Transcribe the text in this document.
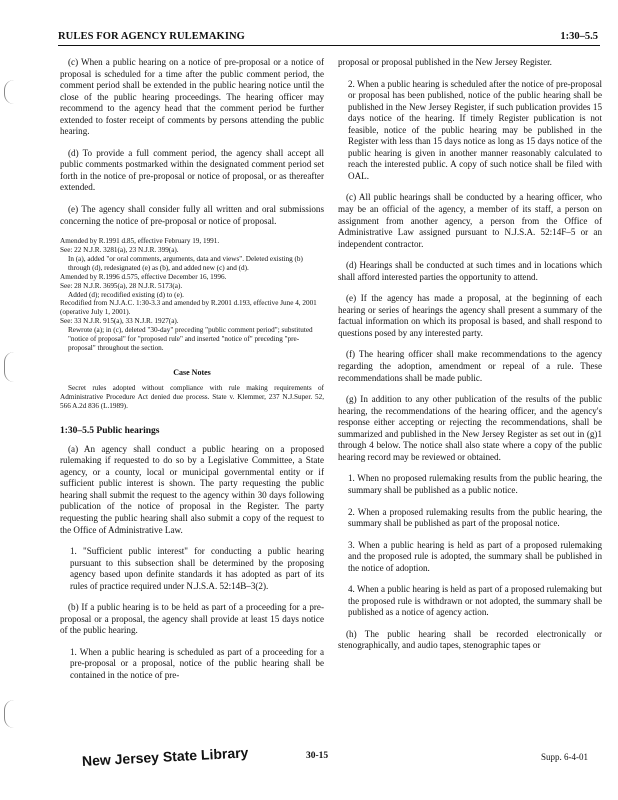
RULES FOR AGENCY RULEMAKING	1:30–5.5

(c) When a public hearing on a notice of pre-proposal or a notice of proposal is scheduled for a time after the public comment period, the comment period shall be extended in the public hearing notice until the close of the public hearing proceedings. The hearing officer may recommend to the agency head that the comment period be further extended to foster receipt of comments by persons attending the public hearing.

(d) To provide a full comment period, the agency shall accept all public comments postmarked within the designated comment period set forth in the notice of pre-proposal or notice of proposal, or as thereafter extended.

(e) The agency shall consider fully all written and oral submissions concerning the notice of pre-proposal or notice of proposal.

Amended by R.1991 d.85, effective February 19, 1991.
See: 22 N.J.R. 3281(a), 23 N.J.R. 399(a).
In (a), added "or oral comments, arguments, data and views". Deleted existing (b) through (d), redesignated (e) as (b), and added new (c) and (d).
Amended by R.1996 d.575, effective December 16, 1996.
See: 28 N.J.R. 3695(a), 28 N.J.R. 5173(a).
Added (d); recodified existing (d) to (e).
Recodified from N.J.A.C. 1:30-3.3 and amended by R.2001 d.193, effective June 4, 2001 (operative July 1, 2001).
See: 33 N.J.R. 915(a), 33 N.J.R. 1927(a).
Rewrote (a); in (c), deleted "30-day" preceding "public comment period"; substituted "notice of proposal" for "proposed rule" and inserted "notice of" preceding "pre-proposal" throughout the section.
Case Notes
Secret rules adopted without compliance with rule making requirements of Administrative Procedure Act denied due process. State v. Klemmer, 237 N.J.Super. 52, 566 A.2d 836 (L.1989).
1:30–5.5 Public hearings

(a) An agency shall conduct a public hearing on a proposed rulemaking if requested to do so by a Legislative Committee, a State agency, or a county, local or municipal governmental entity or if sufficient public interest is shown. The party requesting the public hearing shall submit the request to the agency within 30 days following publication of the notice of proposal in the Register. The party requesting the public hearing shall also submit a copy of the request to the Office of Administrative Law.

1. "Sufficient public interest" for conducting a public hearing pursuant to this subsection shall be determined by the proposing agency based upon definite standards it has adopted as part of its rules of practice required under N.J.S.A. 52:14B–3(2).

(b) If a public hearing is to be held as part of a proceeding for a pre-proposal or a proposal, the agency shall provide at least 15 days notice of the public hearing.

1. When a public hearing is scheduled as part of a proceeding for a pre-proposal or a proposal, notice of the public hearing shall be contained in the notice of pre-

proposal or proposal published in the New Jersey Register.

2. When a public hearing is scheduled after the notice of pre-proposal or proposal has been published, notice of the public hearing shall be published in the New Jersey Register, if such publication provides 15 days notice of the hearing. If timely Register publication is not feasible, notice of the public hearing may be published in the Register with less than 15 days notice as long as 15 days notice of the public hearing is given in another manner reasonably calculated to reach the interested public. A copy of such notice shall be filed with OAL.

(c) All public hearings shall be conducted by a hearing officer, who may be an official of the agency, a member of its staff, a person on assignment from another agency, a person from the Office of Administrative Law assigned pursuant to N.J.S.A. 52:14F–5 or an independent contractor.

(d) Hearings shall be conducted at such times and in locations which shall afford interested parties the opportunity to attend.

(e) If the agency has made a proposal, at the beginning of each hearing or series of hearings the agency shall present a summary of the factual information on which its proposal is based, and shall respond to questions posed by any interested party.

(f) The hearing officer shall make recommendations to the agency regarding the adoption, amendment or repeal of a rule. These recommendations shall be made public.

(g) In addition to any other publication of the results of the public hearing, the recommendations of the hearing officer, and the agency's response either accepting or rejecting the recommendations, shall be summarized and published in the New Jersey Register as set out in (g)1 through 4 below. The notice shall also state where a copy of the public hearing record may be reviewed or obtained.

1. When no proposed rulemaking results from the public hearing, the summary shall be published as a public notice.

2. When a proposed rulemaking results from the public hearing, the summary shall be published as part of the proposal notice.

3. When a public hearing is held as part of a proposed rulemaking and the proposed rule is adopted, the summary shall be published in the notice of adoption.

4. When a public hearing is held as part of a proposed rulemaking but the proposed rule is withdrawn or not adopted, the summary shall be published as a notice of agency action.

(h) The public hearing shall be recorded electronically or stenographically, and audio tapes, stenographic tapes or

New Jersey State Library	30-15	Supp. 6-4-01
